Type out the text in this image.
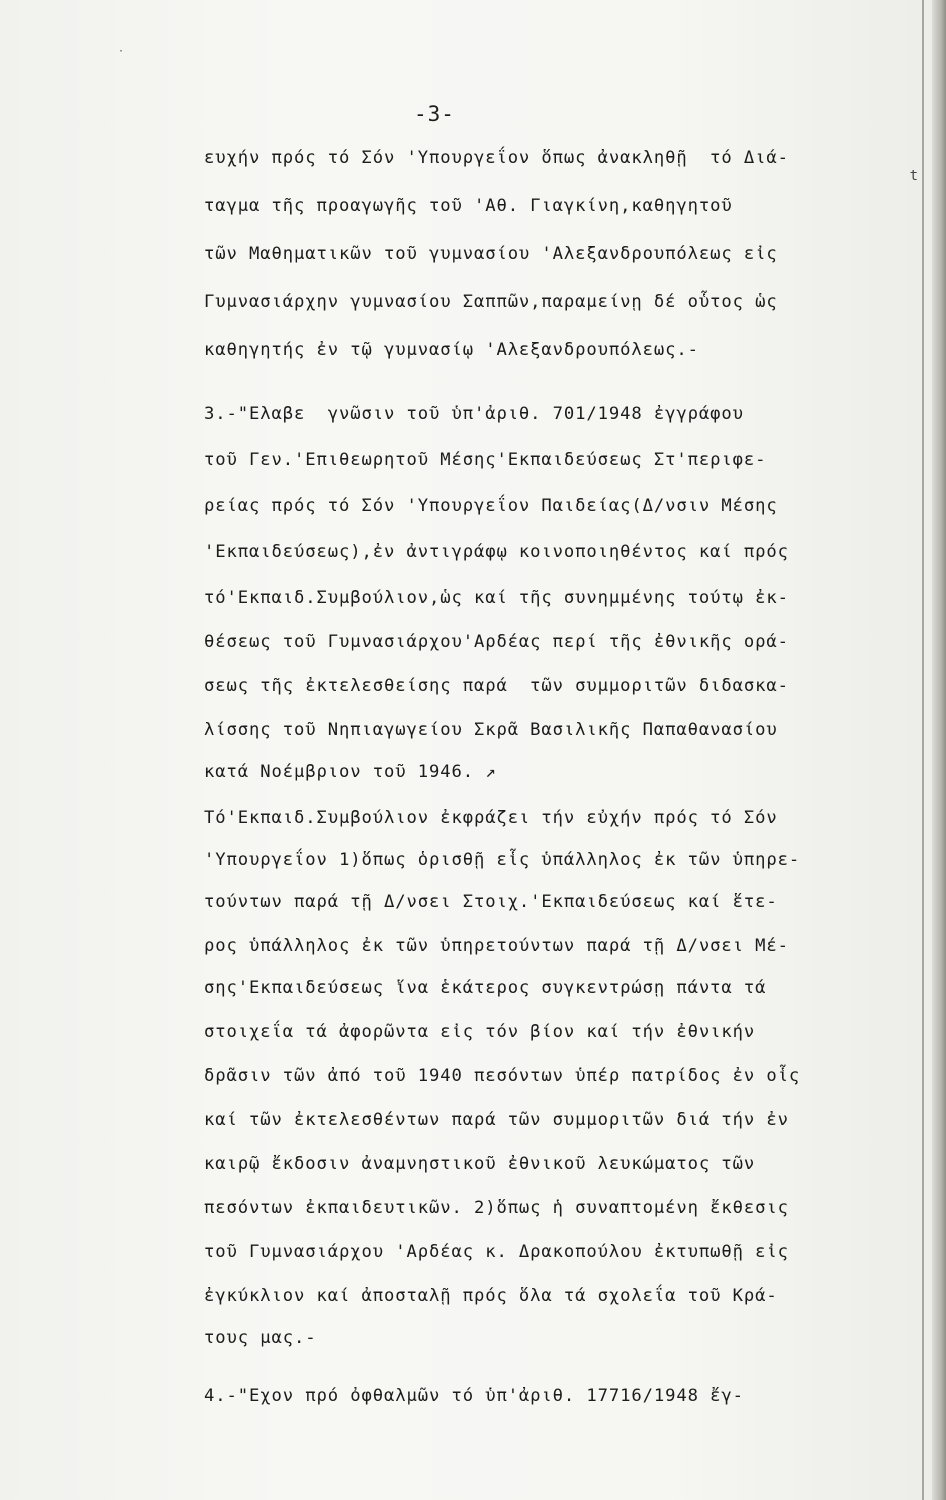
·
t
-3-
ευχήν πρός τό Σόν 'Υπουργεΐον ὅπως ἀνακληθῇ  τό Διά-
ταγμα τῆς προαγωγῆς τοῦ 'Αθ. Γιαγκίνη,καθηγητοῦ
τῶν Μαθηματικῶν τοῦ γυμνασίου 'Αλεξανδρουπόλεως εἰς
Γυμνασιάρχην γυμνασίου Σαππῶν,παραμείνῃ δέ οὗτος ὡς
καθηγητής ἐν τῷ γυμνασίῳ 'Αλεξανδρουπόλεως.-
3.-"Ελαβε  γνῶσιν τοῦ ὑπ'ἀριθ. 701/1948 ἐγγράφου
τοῦ Γεν.'Επιθεωρητοῦ Μέσης'Εκπαιδεύσεως Στ'περιφε-
ρείας πρός τό Σόν 'Υπουργεΐον Παιδείας(Δ/νσιν Μέσης
'Εκπαιδεύσεως),ἐν ἀντιγράφῳ κοινοποιηθέντος καί πρός
τό'Εκπαιδ.Συμβούλιον,ὡς καί τῆς συνημμένης τούτῳ ἐκ-
θέσεως τοῦ Γυμνασιάρχου'Αρδέας περί τῆς ἐθνικῆς ορά-
σεως τῆς ἐκτελεσθείσης παρά  τῶν συμμοριτῶν διδασκα-
λίσσης τοῦ Νηπιαγωγείου Σκρᾶ Βασιλικῆς Παπαθανασίου
κατά Νοέμβριον τοῦ 1946. ↗
Τό'Εκπαιδ.Συμβούλιον ἐκφράζει τήν εὐχήν πρός τό Σόν
'Υπουργεΐον 1)ὅπως ὁρισθῇ εἷς ὑπάλληλος ἐκ τῶν ὑπηρε-
τούντων παρά τῇ Δ/νσει Στοιχ.'Εκπαιδεύσεως καί ἕτε-
ρος ὑπάλληλος ἐκ τῶν ὑπηρετούντων παρά τῇ Δ/νσει Μέ-
σης'Εκπαιδεύσεως ἵνα ἑκάτερος συγκεντρώσῃ πάντα τά
στοιχεΐα τά ἀφορῶντα εἰς τόν βίον καί τήν ἐθνικήν
δρᾶσιν τῶν ἀπό τοῦ 1940 πεσόντων ὑπέρ πατρίδος ἐν οἷς
καί τῶν ἐκτελεσθέντων παρά τῶν συμμοριτῶν διά τήν ἐν
καιρῷ ἔκδοσιν ἀναμνηστικοῦ ἐθνικοῦ λευκώματος τῶν
πεσόντων ἐκπαιδευτικῶν. 2)ὅπως ἡ συναπτομένη ἔκθεσις
τοῦ Γυμνασιάρχου 'Αρδέας κ. Δρακοπούλου ἐκτυπωθῇ εἰς
ἐγκύκλιον καί ἀποσταλῇ πρός ὅλα τά σχολεΐα τοῦ Κρά-
τους μας.-
4.-"Εχον πρό ὀφθαλμῶν τό ὑπ'ἀριθ. 17716/1948 ἔγ-
